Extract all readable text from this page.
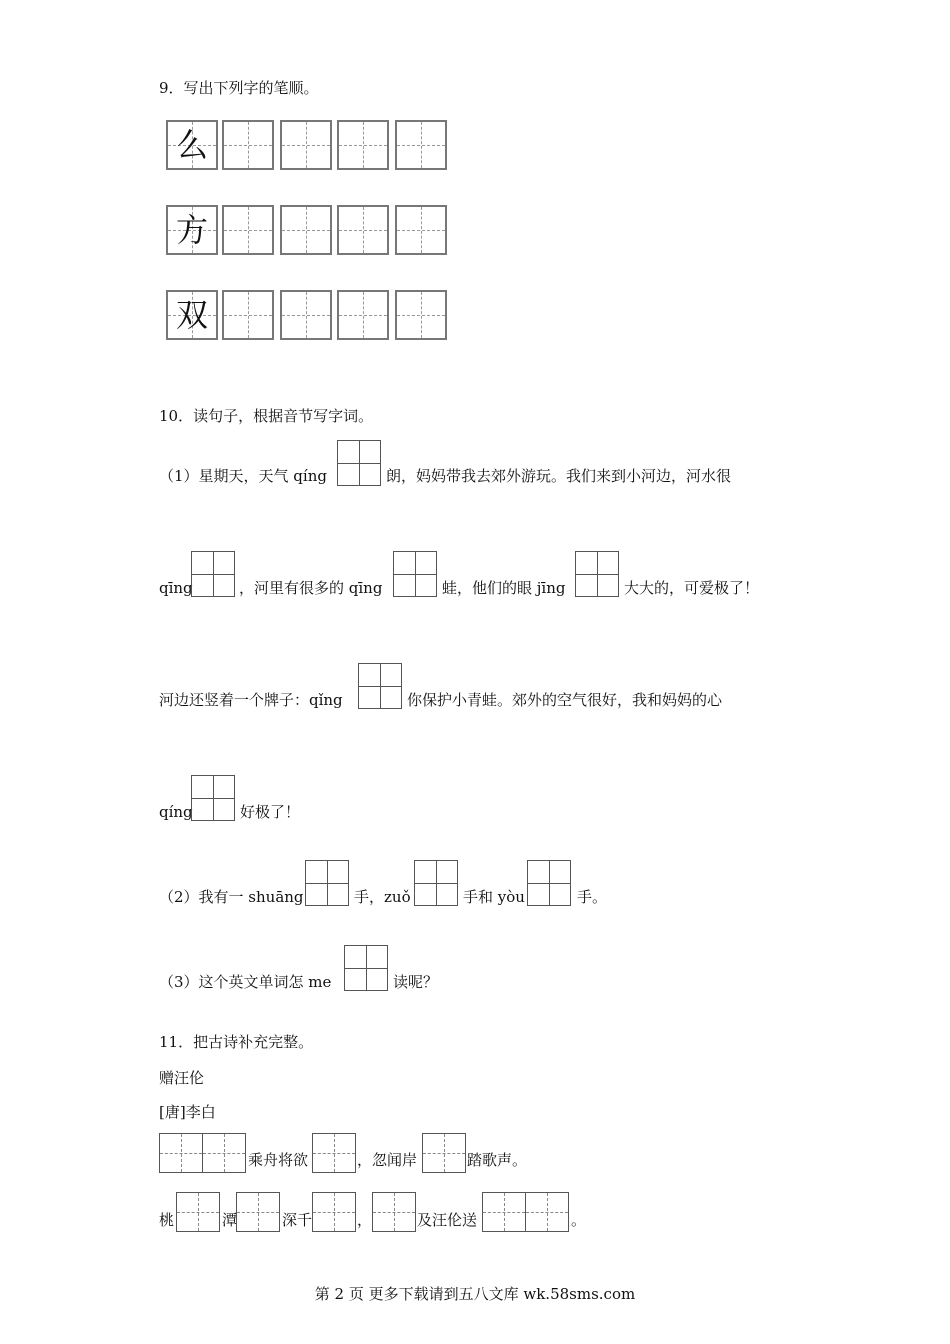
9．写出下列字的笔顺。
么
方
双
10．读句子，根据音节写字词。
（1）星期天，天气 qíng	朗，妈妈带我去郊外游玩。我们来到小河边，河水很
qīng	，河里有很多的 qīng	蛙，他们的眼 jīng	大大的，可爱极了！
河边还竖着一个牌子：qǐng	你保护小青蛙。郊外的空气很好，我和妈妈的心
qíng	好极了！
（2）我有一 shuāng	手，zuǒ	手和 yòu	手。
（3）这个英文单词怎 me	读呢？
11．把古诗补充完整。
赠汪伦
[唐]李白
乘舟将欲	，忽闻岸	踏歌声。
桃	潭	深千	，	及汪伦送	。
第 2 页 更多下载请到五八文库 wk.58sms.com
